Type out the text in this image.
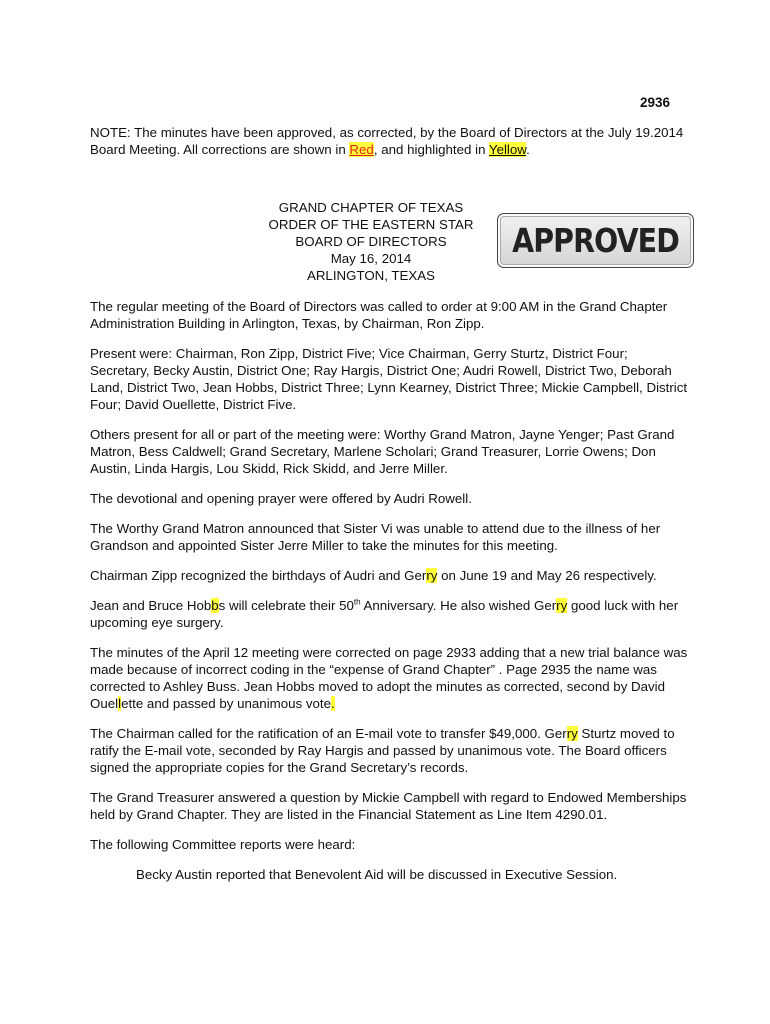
2936
NOTE: The minutes have been approved, as corrected, by the Board of Directors at the July 19.2014 Board Meeting. All corrections are shown in Red, and highlighted in Yellow.
GRAND CHAPTER OF TEXAS
ORDER OF THE EASTERN STAR
BOARD OF DIRECTORS
May 16, 2014
ARLINGTON, TEXAS
APPROVED

The regular meeting of the Board of Directors was called to order at 9:00 AM in the Grand Chapter Administration Building in Arlington, Texas, by Chairman, Ron Zipp.

Present were: Chairman, Ron Zipp, District Five; Vice Chairman, Gerry Sturtz, District Four; Secretary, Becky Austin, District One; Ray Hargis, District One; Audri Rowell, District Two, Deborah Land, District Two, Jean Hobbs, District Three; Lynn Kearney, District Three; Mickie Campbell, District Four; David Ouellette, District Five.

Others present for all or part of the meeting were: Worthy Grand Matron, Jayne Yenger; Past Grand Matron, Bess Caldwell; Grand Secretary, Marlene Scholari; Grand Treasurer, Lorrie Owens; Don Austin, Linda Hargis, Lou Skidd, Rick Skidd, and Jerre Miller.

The devotional and opening prayer were offered by Audri Rowell.

The Worthy Grand Matron announced that Sister Vi was unable to attend due to the illness of her Grandson and appointed Sister Jerre Miller to take the minutes for this meeting.

Chairman Zipp recognized the birthdays of Audri and Gerry on June 19 and May 26 respectively.

Jean and Bruce Hobbs will celebrate their 50th Anniversary. He also wished Gerry good luck with her upcoming eye surgery.

The minutes of the April 12 meeting were corrected on page 2933 adding that a new trial balance was made because of incorrect coding in the “expense of Grand Chapter” . Page 2935 the name was corrected to Ashley Buss. Jean Hobbs moved to adopt the minutes as corrected, second by David Ouellette and passed by unanimous vote.

The Chairman called for the ratification of an E-mail vote to transfer $49,000. Gerry Sturtz moved to ratify the E-mail vote, seconded by Ray Hargis and passed by unanimous vote. The Board officers signed the appropriate copies for the Grand Secretary’s records.

The Grand Treasurer answered a question by Mickie Campbell with regard to Endowed Memberships held by Grand Chapter. They are listed in the Financial Statement as Line Item 4290.01.

The following Committee reports were heard:

Becky Austin reported that Benevolent Aid will be discussed in Executive Session.
